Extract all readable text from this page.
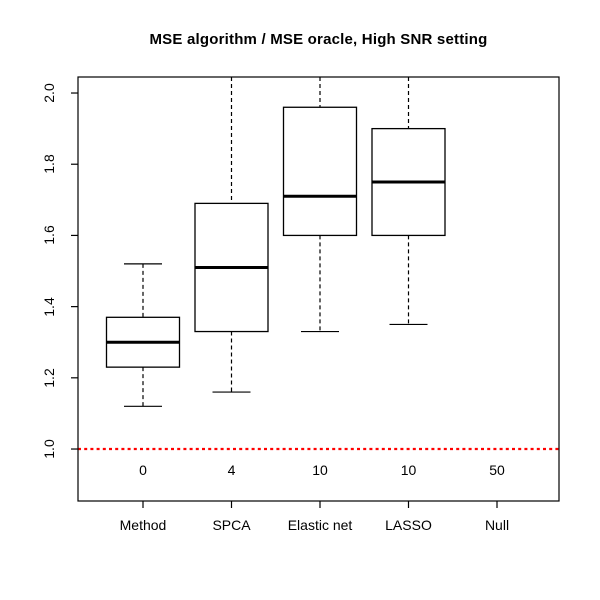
MSE algorithm / MSE oracle, High SNR setting
1.0
1.2
1.4
1.6
1.8
2.0
Method	SPCA	Elastic net	LASSO	Null
0	4	10	10	50
